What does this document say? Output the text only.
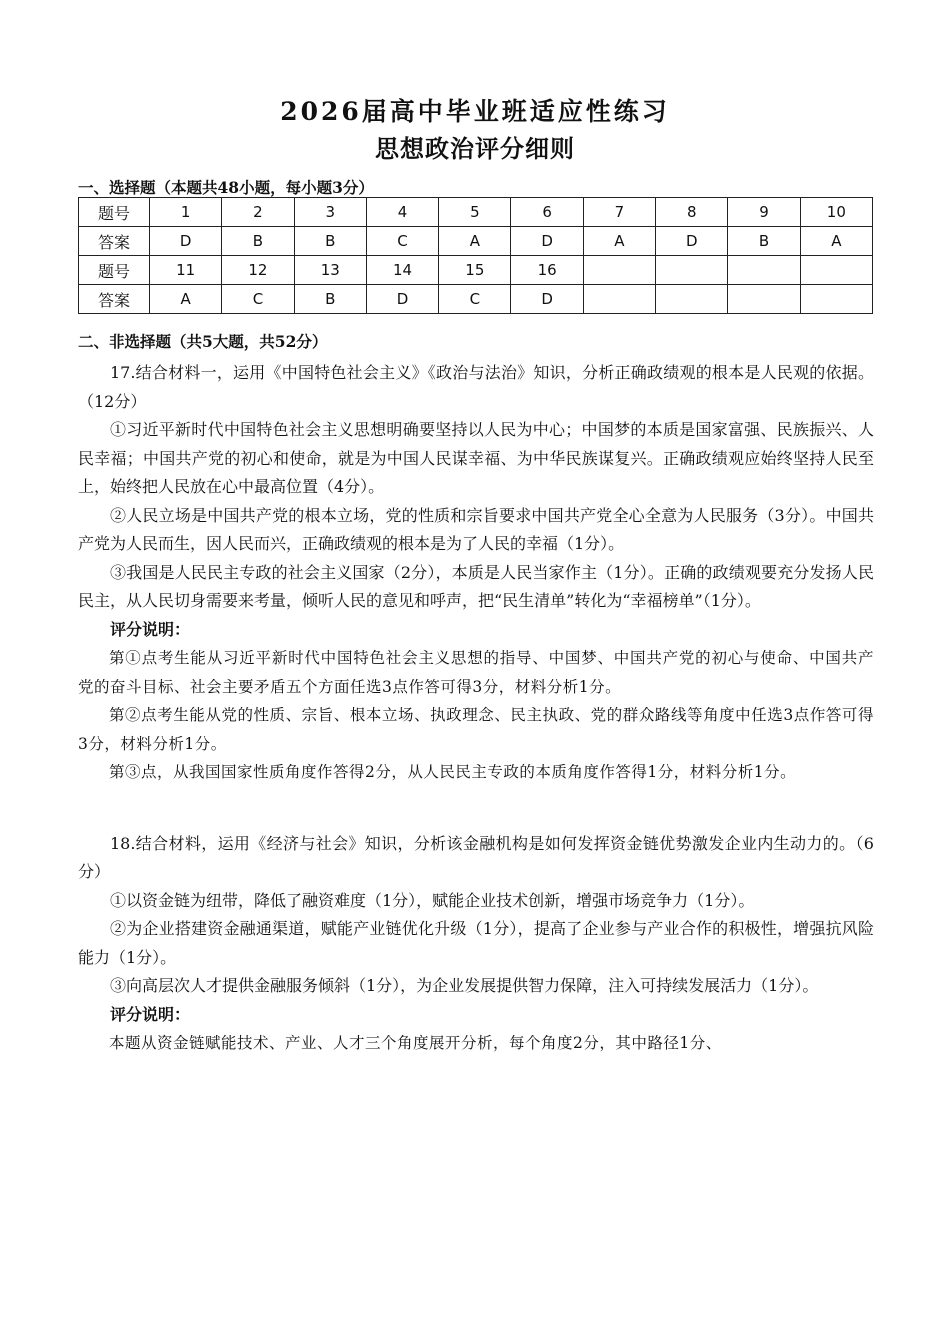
2026届高中毕业班适应性练习
思想政治评分细则
一、选择题（本题共48小题，每小题3分）
题号	1	2	3	4	5	6	7	8	9	10
答案	D	B	B	C	A	D	A	D	B	A
题号	11	12	13	14	15	16				
答案	A	C	B	D	C	D				
二、非选择题（共5大题，共52分）

17.结合材料一，运用《中国特色社会主义》《政治与法治》知识，分析正确政绩观的根本是人民观的依据。（12分）

①习近平新时代中国特色社会主义思想明确要坚持以人民为中心；中国梦的本质是国家富强、民族振兴、人民幸福；中国共产党的初心和使命，就是为中国人民谋幸福、为中华民族谋复兴。正确政绩观应始终坚持人民至上，始终把人民放在心中最高位置（4分）。

②人民立场是中国共产党的根本立场，党的性质和宗旨要求中国共产党全心全意为人民服务（3分）。中国共产党为人民而生，因人民而兴，正确政绩观的根本是为了人民的幸福（1分）。

③我国是人民民主专政的社会主义国家（2分），本质是人民当家作主（1分）。正确的政绩观要充分发扬人民民主，从人民切身需要来考量，倾听人民的意见和呼声，把“民生清单”转化为“幸福榜单”（1分）。

评分说明：

第①点考生能从习近平新时代中国特色社会主义思想的指导、中国梦、中国共产党的初心与使命、中国共产党的奋斗目标、社会主要矛盾五个方面任选3点作答可得3分，材料分析1分。

第②点考生能从党的性质、宗旨、根本立场、执政理念、民主执政、党的群众路线等角度中任选3点作答可得3分，材料分析1分。

第③点，从我国国家性质角度作答得2分，从人民民主专政的本质角度作答得1分，材料分析1分。

18.结合材料，运用《经济与社会》知识，分析该金融机构是如何发挥资金链优势激发企业内生动力的。（6分）

①以资金链为纽带，降低了融资难度（1分），赋能企业技术创新，增强市场竞争力（1分）。

②为企业搭建资金融通渠道，赋能产业链优化升级（1分），提高了企业参与产业合作的积极性，增强抗风险能力（1分）。

③向高层次人才提供金融服务倾斜（1分），为企业发展提供智力保障，注入可持续发展活力（1分）。

评分说明：

本题从资金链赋能技术、产业、人才三个角度展开分析，每个角度2分，其中路径1分、
